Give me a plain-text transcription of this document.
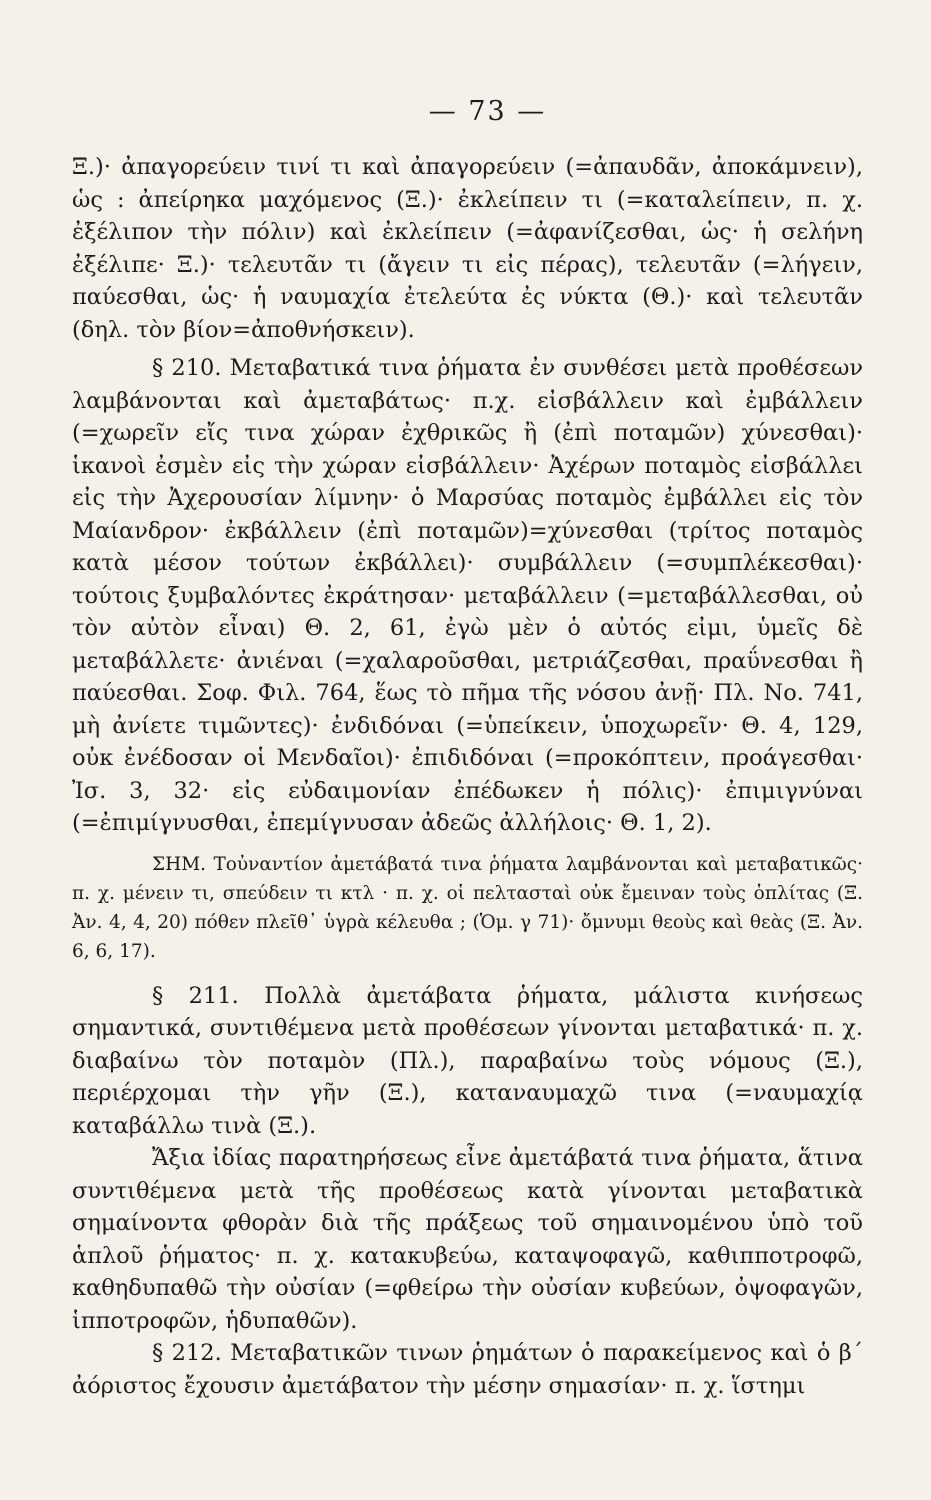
— 73 —

Ξ.)· ἀπαγορεύειν τινί τι καὶ ἀπαγορεύειν (=ἀπαυδᾶν, ἀποκάμνειν), ὡς : ἀπείρηκα μαχόμενος (Ξ.)· ἐκλείπειν τι (=καταλείπειν, π. χ. ἐξέλιπον τὴν πόλιν) καὶ ἐκλείπειν (=ἀφανίζεσθαι, ὡς· ἡ σελήνη ἐξέλιπε· Ξ.)· τελευτᾶν τι (ἄγειν τι εἰς πέρας), τελευτᾶν (=λήγειν, παύεσθαι, ὡς· ἡ ναυμαχία ἐτελεύτα ἐς νύκτα (Θ.)· καὶ τελευτᾶν (δηλ. τὸν βίον=ἀποθνήσκειν).

§ 210. Μεταβατικά τινα ῥήματα ἐν συνθέσει μετὰ προθέσεων λαμβάνονται καὶ ἀμεταβάτως· π.χ. εἰσβάλλειν καὶ ἐμβάλλειν (=χωρεῖν εἴς τινα χώραν ἐχθρικῶς ἢ (ἐπὶ ποταμῶν) χύνεσθαι)· ἱκανοὶ ἐσμὲν εἰς τὴν χώραν εἰσβάλλειν· Ἀχέρων ποταμὸς εἰσβάλλει εἰς τὴν Ἀχερουσίαν λίμνην· ὁ Μαρσύας ποταμὸς ἐμβάλλει εἰς τὸν Μαίανδρον· ἐκβάλλειν (ἐπὶ ποταμῶν)=χύνεσθαι (τρίτος ποταμὸς κατὰ μέσον τούτων ἐκβάλλει)· συμβάλλειν (=συμπλέκεσθαι)· τούτοις ξυμβαλόντες ἐκράτησαν· μεταβάλλειν (=μεταβάλλεσθαι, οὐ τὸν αὐτὸν εἶναι) Θ. 2, 61, ἐγὼ μὲν ὁ αὐτός εἰμι, ὑμεῖς δὲ μεταβάλλετε· ἀνιέναι (=χαλαροῦσθαι, μετριάζεσθαι, πραΰνεσθαι ἢ παύεσθαι. Σοφ. Φιλ. 764, ἕως τὸ πῆμα τῆς νόσου ἀνῇ· Πλ. Νο. 741, μὴ ἀνίετε τιμῶντες)· ἐνδιδόναι (=ὑπείκειν, ὑποχωρεῖν· Θ. 4, 129, οὐκ ἐνέδοσαν οἱ Μενδαῖοι)· ἐπιδιδόναι (=προκόπτειν, προάγεσθαι· Ἰσ. 3, 32· εἰς εὐδαιμονίαν ἐπέδωκεν ἡ πόλις)· ἐπιμιγνύναι (=ἐπιμίγνυσθαι, ἐπεμίγνυσαν ἀδεῶς ἀλλήλοις· Θ. 1, 2).

ΣΗΜ. Τοὐναντίον ἀμετάβατά τινα ῥήματα λαμβάνονται καὶ μεταβατικῶς· π. χ. μένειν τι, σπεύδειν τι κτλ · π. χ. οἱ πελτασταὶ οὐκ ἔμειναν τοὺς ὁπλίτας (Ξ. Ἀν. 4, 4, 20) πόθεν πλεῖθ᾽ ὑγρὰ κέλευθα ; (Ὁμ. γ 71)· ὄμνυμι θεοὺς καὶ θεὰς (Ξ. Ἀν. 6, 6, 17).

§ 211. Πολλὰ ἀμετάβατα ῥήματα, μάλιστα κινήσεως σημαντικά, συντιθέμενα μετὰ προθέσεων γίνονται μεταβατικά· π. χ. διαβαίνω τὸν ποταμὸν (Πλ.), παραβαίνω τοὺς νόμους (Ξ.), περιέρχομαι τὴν γῆν (Ξ.), καταναυμαχῶ τινα (=ναυμαχίᾳ καταβάλλω τινὰ (Ξ.).

Ἄξια ἰδίας παρατηρήσεως εἶνε ἀμετάβατά τινα ῥήματα, ἅτινα συντιθέμενα μετὰ τῆς προθέσεως κατὰ γίνονται μεταβατικὰ σημαίνοντα φθορὰν διὰ τῆς πράξεως τοῦ σημαινομένου ὑπὸ τοῦ ἁπλοῦ ῥήματος· π. χ. κατακυβεύω, καταψοφαγῶ, καθιπποτροφῶ, καθηδυπαθῶ τὴν οὐσίαν (=φθείρω τὴν οὐσίαν κυβεύων, ὀψοφαγῶν, ἱπποτροφῶν, ἡδυπαθῶν).

§ 212. Μεταβατικῶν τινων ῥημάτων ὁ παρακείμενος καὶ ὁ β΄ ἀόριστος ἔχουσιν ἀμετάβατον τὴν μέσην σημασίαν· π. χ. ἵστημι
